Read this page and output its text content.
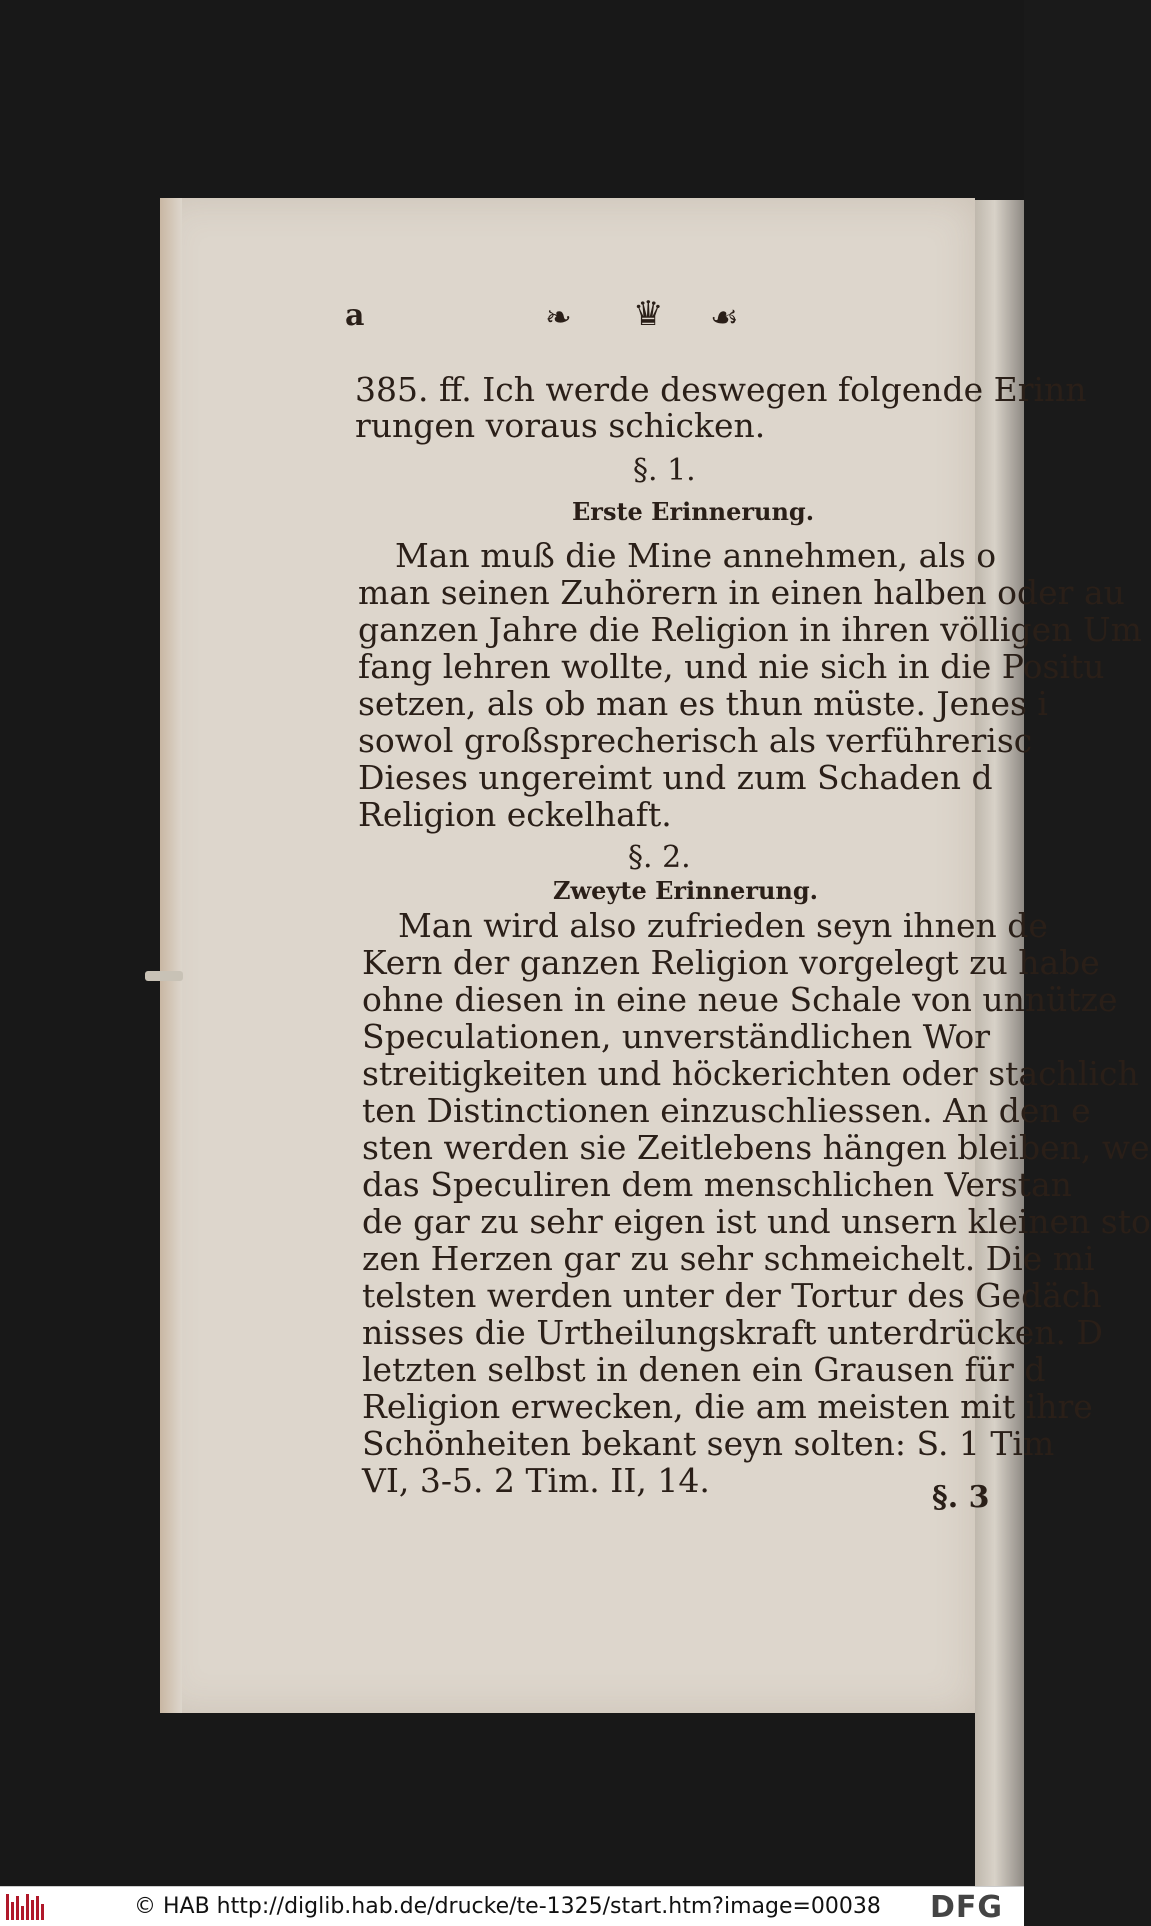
a	❧ ♛ ☙
385. ff. Ich werde deswegen folgende Erinn
rungen voraus schicken.
§. 1.
Erste Erinnerung.
Man muß die Mine annehmen, als o
man seinen Zuhörern in einen halben oder au
ganzen Jahre die Religion in ihren völligen Um
fang lehren wollte, und nie sich in die Positu
setzen, als ob man es thun müste. Jenes i
sowol großsprecherisch als verführerisc
Dieses ungereimt und zum Schaden d
Religion eckelhaft.
§. 2.
Zweyte Erinnerung.
Man wird also zufrieden seyn ihnen de
Kern der ganzen Religion vorgelegt zu habe
ohne diesen in eine neue Schale von unnütze
Speculationen, unverständlichen Wor
streitigkeiten und höckerichten oder stachlich
ten Distinctionen einzuschliessen. An den e
sten werden sie Zeitlebens hängen bleiben, we
das Speculiren dem menschlichen Verstan
de gar zu sehr eigen ist und unsern kleinen sto
zen Herzen gar zu sehr schmeichelt. Die mi
telsten werden unter der Tortur des Gedäch
nisses die Urtheilungskraft unterdrücken. D
letzten selbst in denen ein Grausen für d
Religion erwecken, die am meisten mit ihre
Schönheiten bekant seyn solten: S. 1 Tim
VI, 3-5. 2 Tim. II, 14.	§. 3
© HAB http://diglib.hab.de/drucke/te-1325/start.htm?image=00038 DFG
